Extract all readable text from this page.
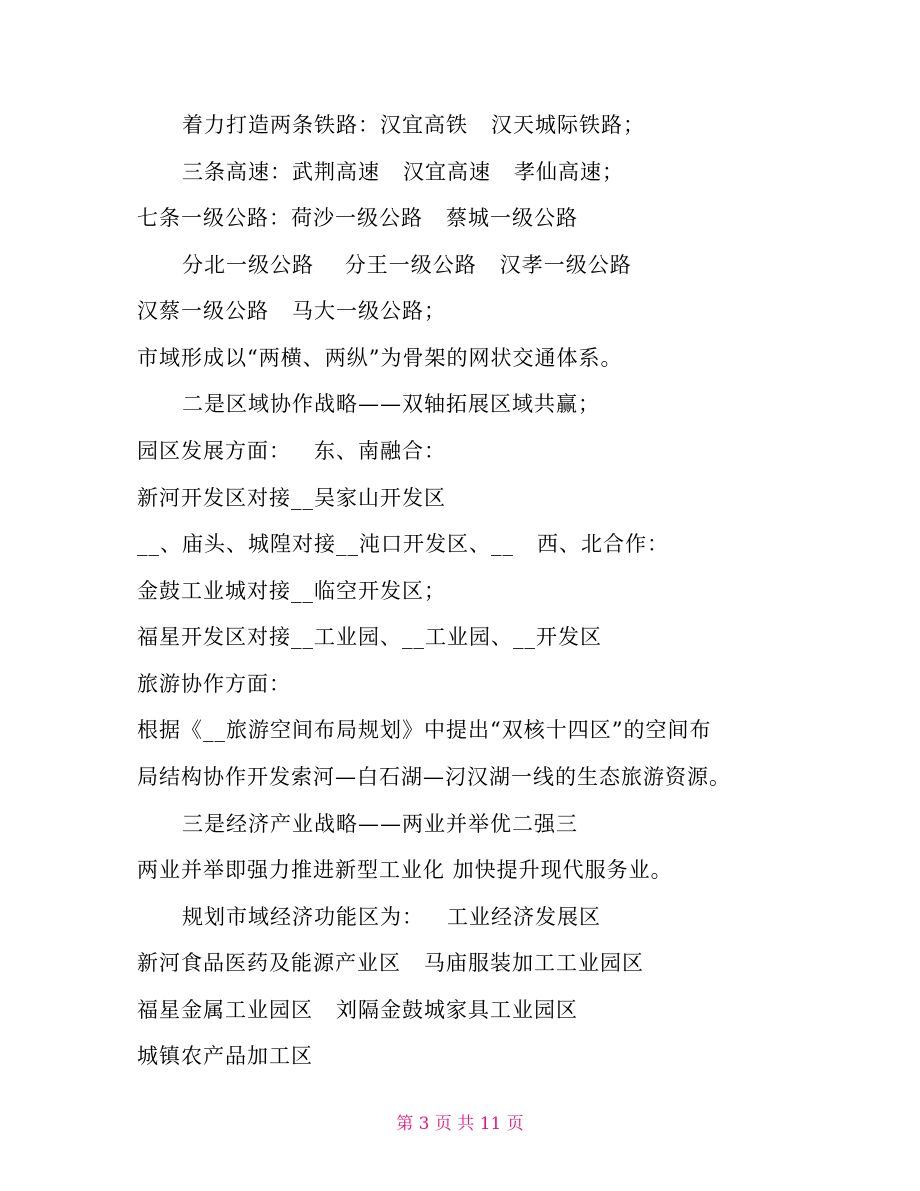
着力打造两条铁路：汉宜高铁   汉天城际铁路；
三条高速：武荆高速   汉宜高速   孝仙高速；
七条一级公路：荷沙一级公路   蔡城一级公路
分北一级公路    分王一级公路   汉孝一级公路
汉蔡一级公路   马大一级公路；
市域形成以“两横、两纵”为骨架的网状交通体系。
二是区域协作战略——双轴拓展区域共赢；
园区发展方面：   东、南融合：
新河开发区对接__吴家山开发区
__、庙头、城隍对接__沌口开发区、__   西、北合作：
金鼓工业城对接__临空开发区；
福星开发区对接__工业园、__工业园、__开发区
旅游协作方面：
根据《__旅游空间布局规划》中提出“双核十四区”的空间布
局结构协作开发索河—白石湖—汈汉湖一线的生态旅游资源。
三是经济产业战略——两业并举优二强三
两业并举即强力推进新型工业化 加快提升现代服务业。
规划市域经济功能区为：   工业经济发展区
新河食品医药及能源产业区   马庙服装加工工业园区
福星金属工业园区   刘隔金鼓城家具工业园区
城镇农产品加工区
第 3 页 共 11 页
